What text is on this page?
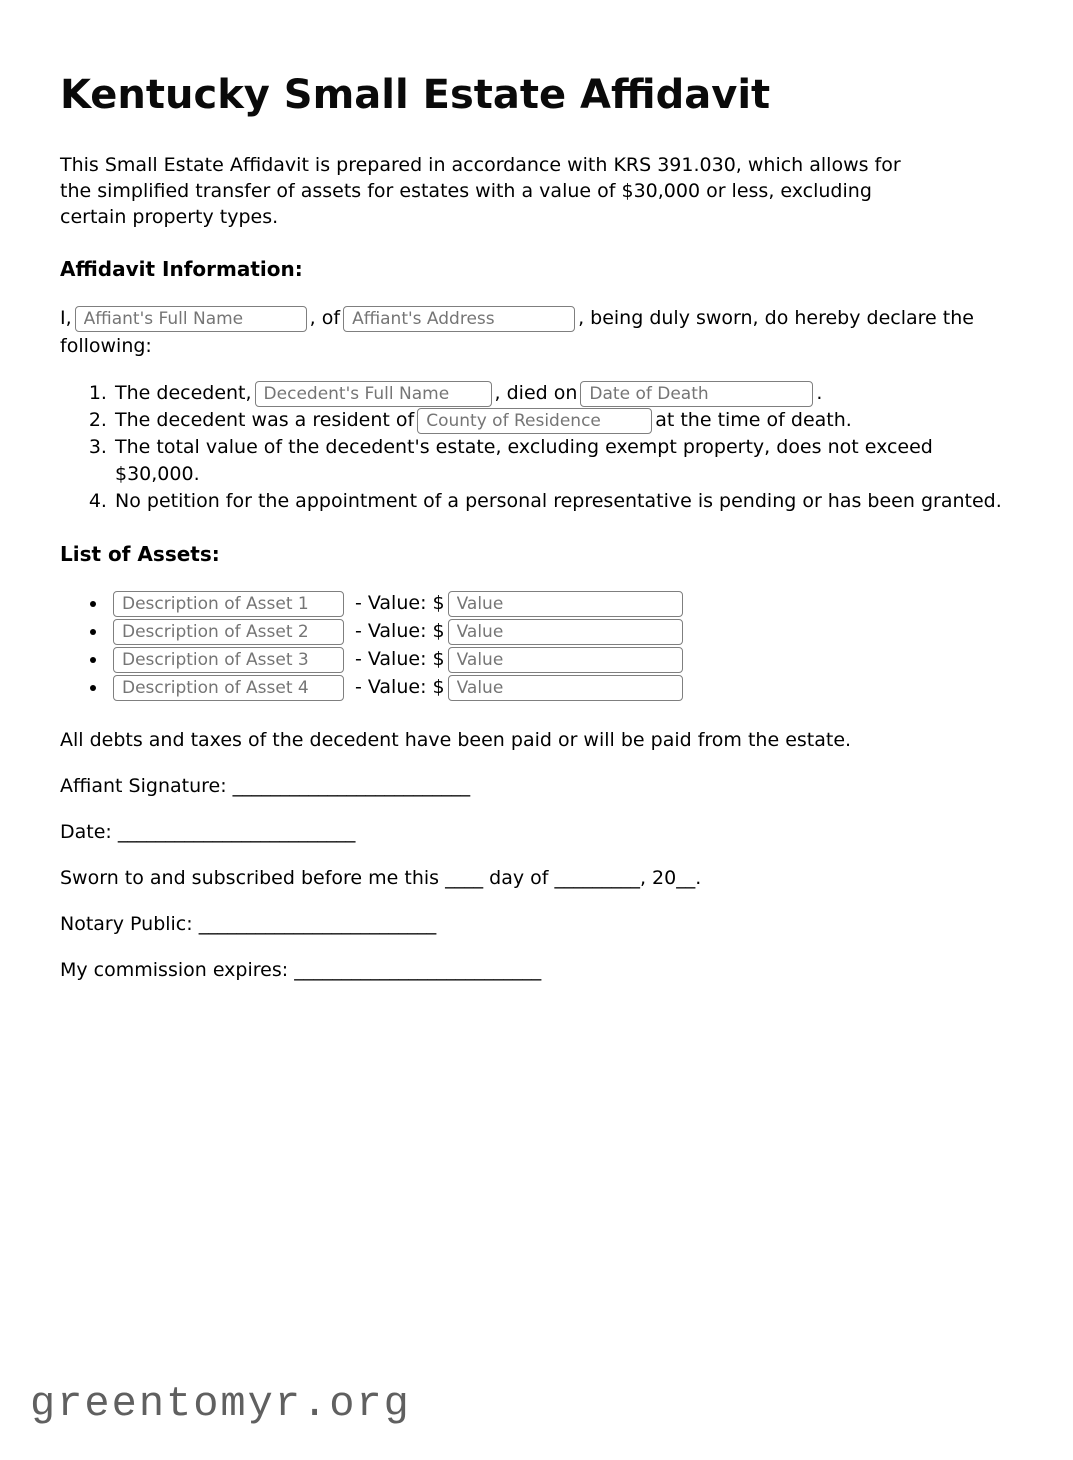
Kentucky Small Estate Affidavit

This Small Estate Affidavit is prepared in accordance with KRS 391.030, which allows for
the simplified transfer of assets for estates with a value of $30,000 or less, excluding
certain property types.

Affidavit Information:

I,Affiant's Full Name	, ofAffiant's Address	, being duly sworn, do hereby declare the following:

1. The decedent,Decedent's Full Name	, died onDate of Death	.
2. The decedent was a resident ofCounty of Residence	at the time of death.
3. The total value of the decedent's estate, excluding exempt property, does not exceed $30,000.
4. No petition for the appointment of a personal representative is pending or has been granted.
List of Assets:
Description of Asset 1 • - Value: $Value
Description of Asset 2 • - Value: $Value
Description of Asset 3 • - Value: $Value
Description of Asset 4 • - Value: $Value

All debts and taxes of the decedent have been paid or will be paid from the estate.

Affiant Signature: _________________________

Date: _________________________

Sworn to and subscribed before me this ____ day of _________, 20__.

Notary Public: _________________________

My commission expires: __________________________

greentomyr.org
